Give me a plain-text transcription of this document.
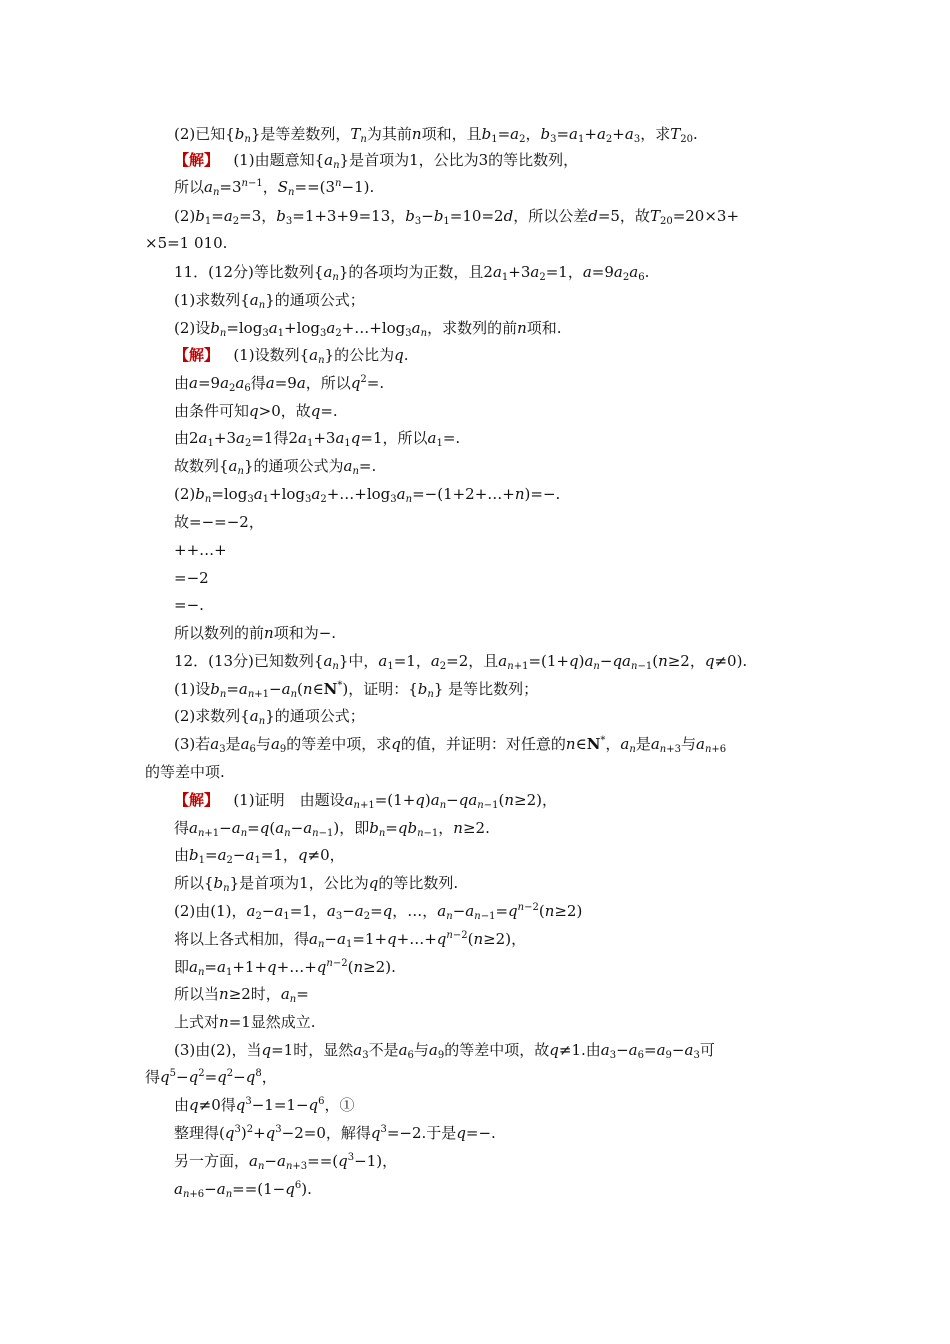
(2)已知$\{b_n\}$是等差数列，$T_n$为其前n项和，且$b_1=a_2$，$b_3=a_1+a_2+a_3$，求$T_{20}$.
【解】 (1)由题意知$\{a_n\}$是首项为1，公比为3的等比数列，
所以$a_n=3^{n-1}$，$S_n==(3^n-1)$.
$(2)b_1=a_2=3$，$b_3=1+3+9=13$，$b_3-b_1=10=2d$，所以公差d=5，故$T_{20}=20\times 3+$
×5=1 010.
11．(12分)等比数列$\{a_n\}$的各项均为正数，且$2a_1+3a_2=1$，$a=9a_2a_6$.
(1)求数列$\{a_n\}$的通项公式；
(2)设$b_n=\log_3a_1+\log_3a_2+\dots+\log_3a_n$，求数列的前n项和.
【解】 (1)设数列$\{a_n\}$的公比为q.
由$a=9a_2a_6$得a=9a，所以$q^2=$.
由条件可知q>0，故q=.
由$2a_1+3a_2=1$得$2a_1+3a_1q=1$，所以$a_1=$.
故数列$\{a_n\}$的通项公式为$a_n=$.
$(2)b_n=\log_3a_1+\log_3a_2+\dots+\log_3a_n=-(1+2+\dots+n)=-$.
故=−=−2，
++…+
=−2
=−.
所以数列的前n项和为−.
12．(13分)已知数列$\{a_n\}$中，$a_1=1$，$a_2=2$，且$a_{n+1}=(1+q)a_n-qa_{n-1}(n\ge 2$，q≠0).
(1)设$b_n=a_{n+1}-a_n(n\in N^*)$，证明：$\{b_n\}$ 是等比数列；
(2)求数列$\{a_n\}$的通项公式；
(3)若$a_3$是$a_6$与$a_9$的等差中项，求q的值，并证明：对任意的n∈N*，$a_n$是$a_{n+3}$与$a_{n+6}$
的等差中项.
【解】 (1)证明　由题设$a_{n+1}=(1+q)a_n-qa_{n-1}(n\ge 2)$，
得$a_{n+1}-a_n=q(a_n-a_{n-1})$，即$b_n=qb_{n-1}$，n≥2.
由$b_1=a_2-a_1=1$，q≠0，
所以$\{b_n\}$是首项为1，公比为q的等比数列.
(2)由(1)，$a_2-a_1=1$，$a_3-a_2=q$，…，$a_n-a_{n-1}=q^{n-2}(n\ge 2)$
将以上各式相加，得$a_n-a_1=1+q+\dots+q^{n-2}(n\ge 2)$，
即$a_n=a_1+1+q+\dots+q^{n-2}(n\ge 2)$.
所以当n≥2时，$a_n=$
上式对n=1显然成立.
(3)由(2)，当q=1时，显然$a_3$不是$a_6$与$a_9$的等差中项，故q≠1.由$a_3-a_6=a_9-a_3$可
得$q^5-q^2=q^2-q^8$，
由q≠0得$q^3-1=1-q^6$，①
整理得$(q^3)^2+q^3-2=0$，解得$q^3=-2$.于是q=−.
另一方面，$a_n-a_{n+3}==(q^3-1)$，
$a_{n+6}-a_n==(1-q^6)$.
